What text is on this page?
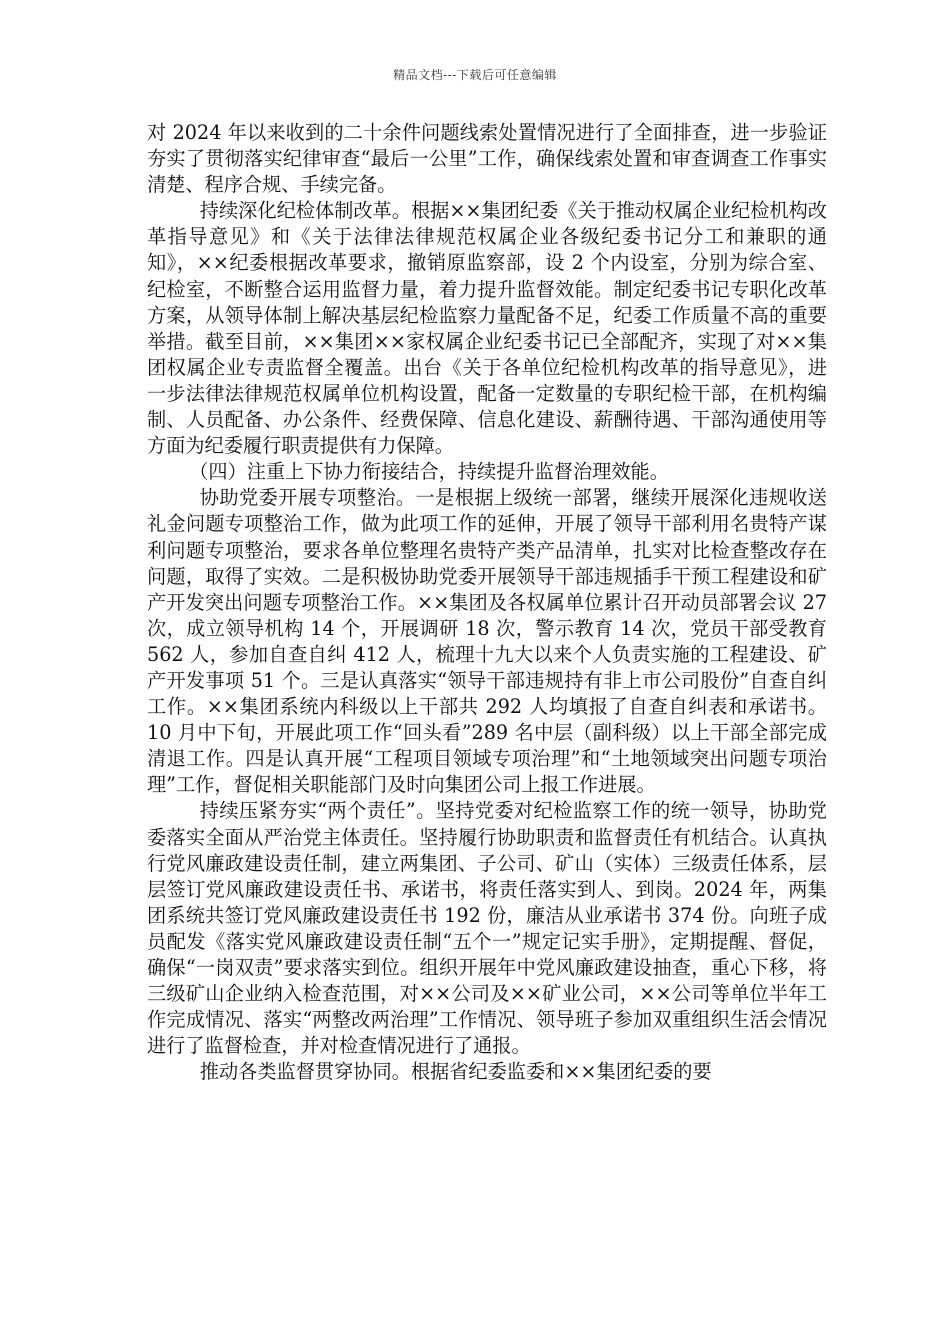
精品文档---下载后可任意编辑

对 2024 年以来收到的二十余件问题线索处置情况进行了全面排查，进一步验证夯实了贯彻落实纪律审查“最后一公里”工作，确保线索处置和审查调查工作事实清楚、程序合规、手续完备。

持续深化纪检体制改革。根据××集团纪委《关于推动权属企业纪检机构改革指导意见》和《关于法律法律规范权属企业各级纪委书记分工和兼职的通知》，××纪委根据改革要求，撤销原监察部，设 2 个内设室，分别为综合室、纪检室，不断整合运用监督力量，着力提升监督效能。制定纪委书记专职化改革方案，从领导体制上解决基层纪检监察力量配备不足，纪委工作质量不高的重要举措。截至目前，××集团××家权属企业纪委书记已全部配齐，实现了对××集团权属企业专责监督全覆盖。出台《关于各单位纪检机构改革的指导意见》，进一步法律法律规范权属单位机构设置，配备一定数量的专职纪检干部，在机构编制、人员配备、办公条件、经费保障、信息化建设、薪酬待遇、干部沟通使用等方面为纪委履行职责提供有力保障。

（四）注重上下协力衔接结合，持续提升监督治理效能。

协助党委开展专项整治。一是根据上级统一部署，继续开展深化违规收送礼金问题专项整治工作，做为此项工作的延伸，开展了领导干部利用名贵特产谋利问题专项整治，要求各单位整理名贵特产类产品清单，扎实对比检查整改存在问题，取得了实效。二是积极协助党委开展领导干部违规插手干预工程建设和矿产开发突出问题专项整治工作。××集团及各权属单位累计召开动员部署会议 27 次，成立领导机构 14 个，开展调研 18 次，警示教育 14 次，党员干部受教育 562 人，参加自查自纠 412 人，梳理十九大以来个人负责实施的工程建设、矿产开发事项 51 个。三是认真落实“领导干部违规持有非上市公司股份”自查自纠工作。××集团系统内科级以上干部共 292 人均填报了自查自纠表和承诺书。10 月中下旬，开展此项工作“回头看”289 名中层（副科级）以上干部全部完成清退工作。四是认真开展“工程项目领域专项治理”和“土地领域突出问题专项治理”工作，督促相关职能部门及时向集团公司上报工作进展。

持续压紧夯实“两个责任”。坚持党委对纪检监察工作的统一领导，协助党委落实全面从严治党主体责任。坚持履行协助职责和监督责任有机结合。认真执行党风廉政建设责任制，建立两集团、子公司、矿山（实体）三级责任体系，层层签订党风廉政建设责任书、承诺书，将责任落实到人、到岗。2024 年，两集团系统共签订党风廉政建设责任书 192 份，廉洁从业承诺书 374 份。向班子成员配发《落实党风廉政建设责任制“五个一”规定记实手册》，定期提醒、督促，确保“一岗双责”要求落实到位。组织开展年中党风廉政建设抽查，重心下移，将三级矿山企业纳入检查范围，对××公司及××矿业公司，××公司等单位半年工作完成情况、落实“两整改两治理”工作情况、领导班子参加双重组织生活会情况进行了监督检查，并对检查情况进行了通报。

推动各类监督贯穿协同。根据省纪委监委和××集团纪委的要
